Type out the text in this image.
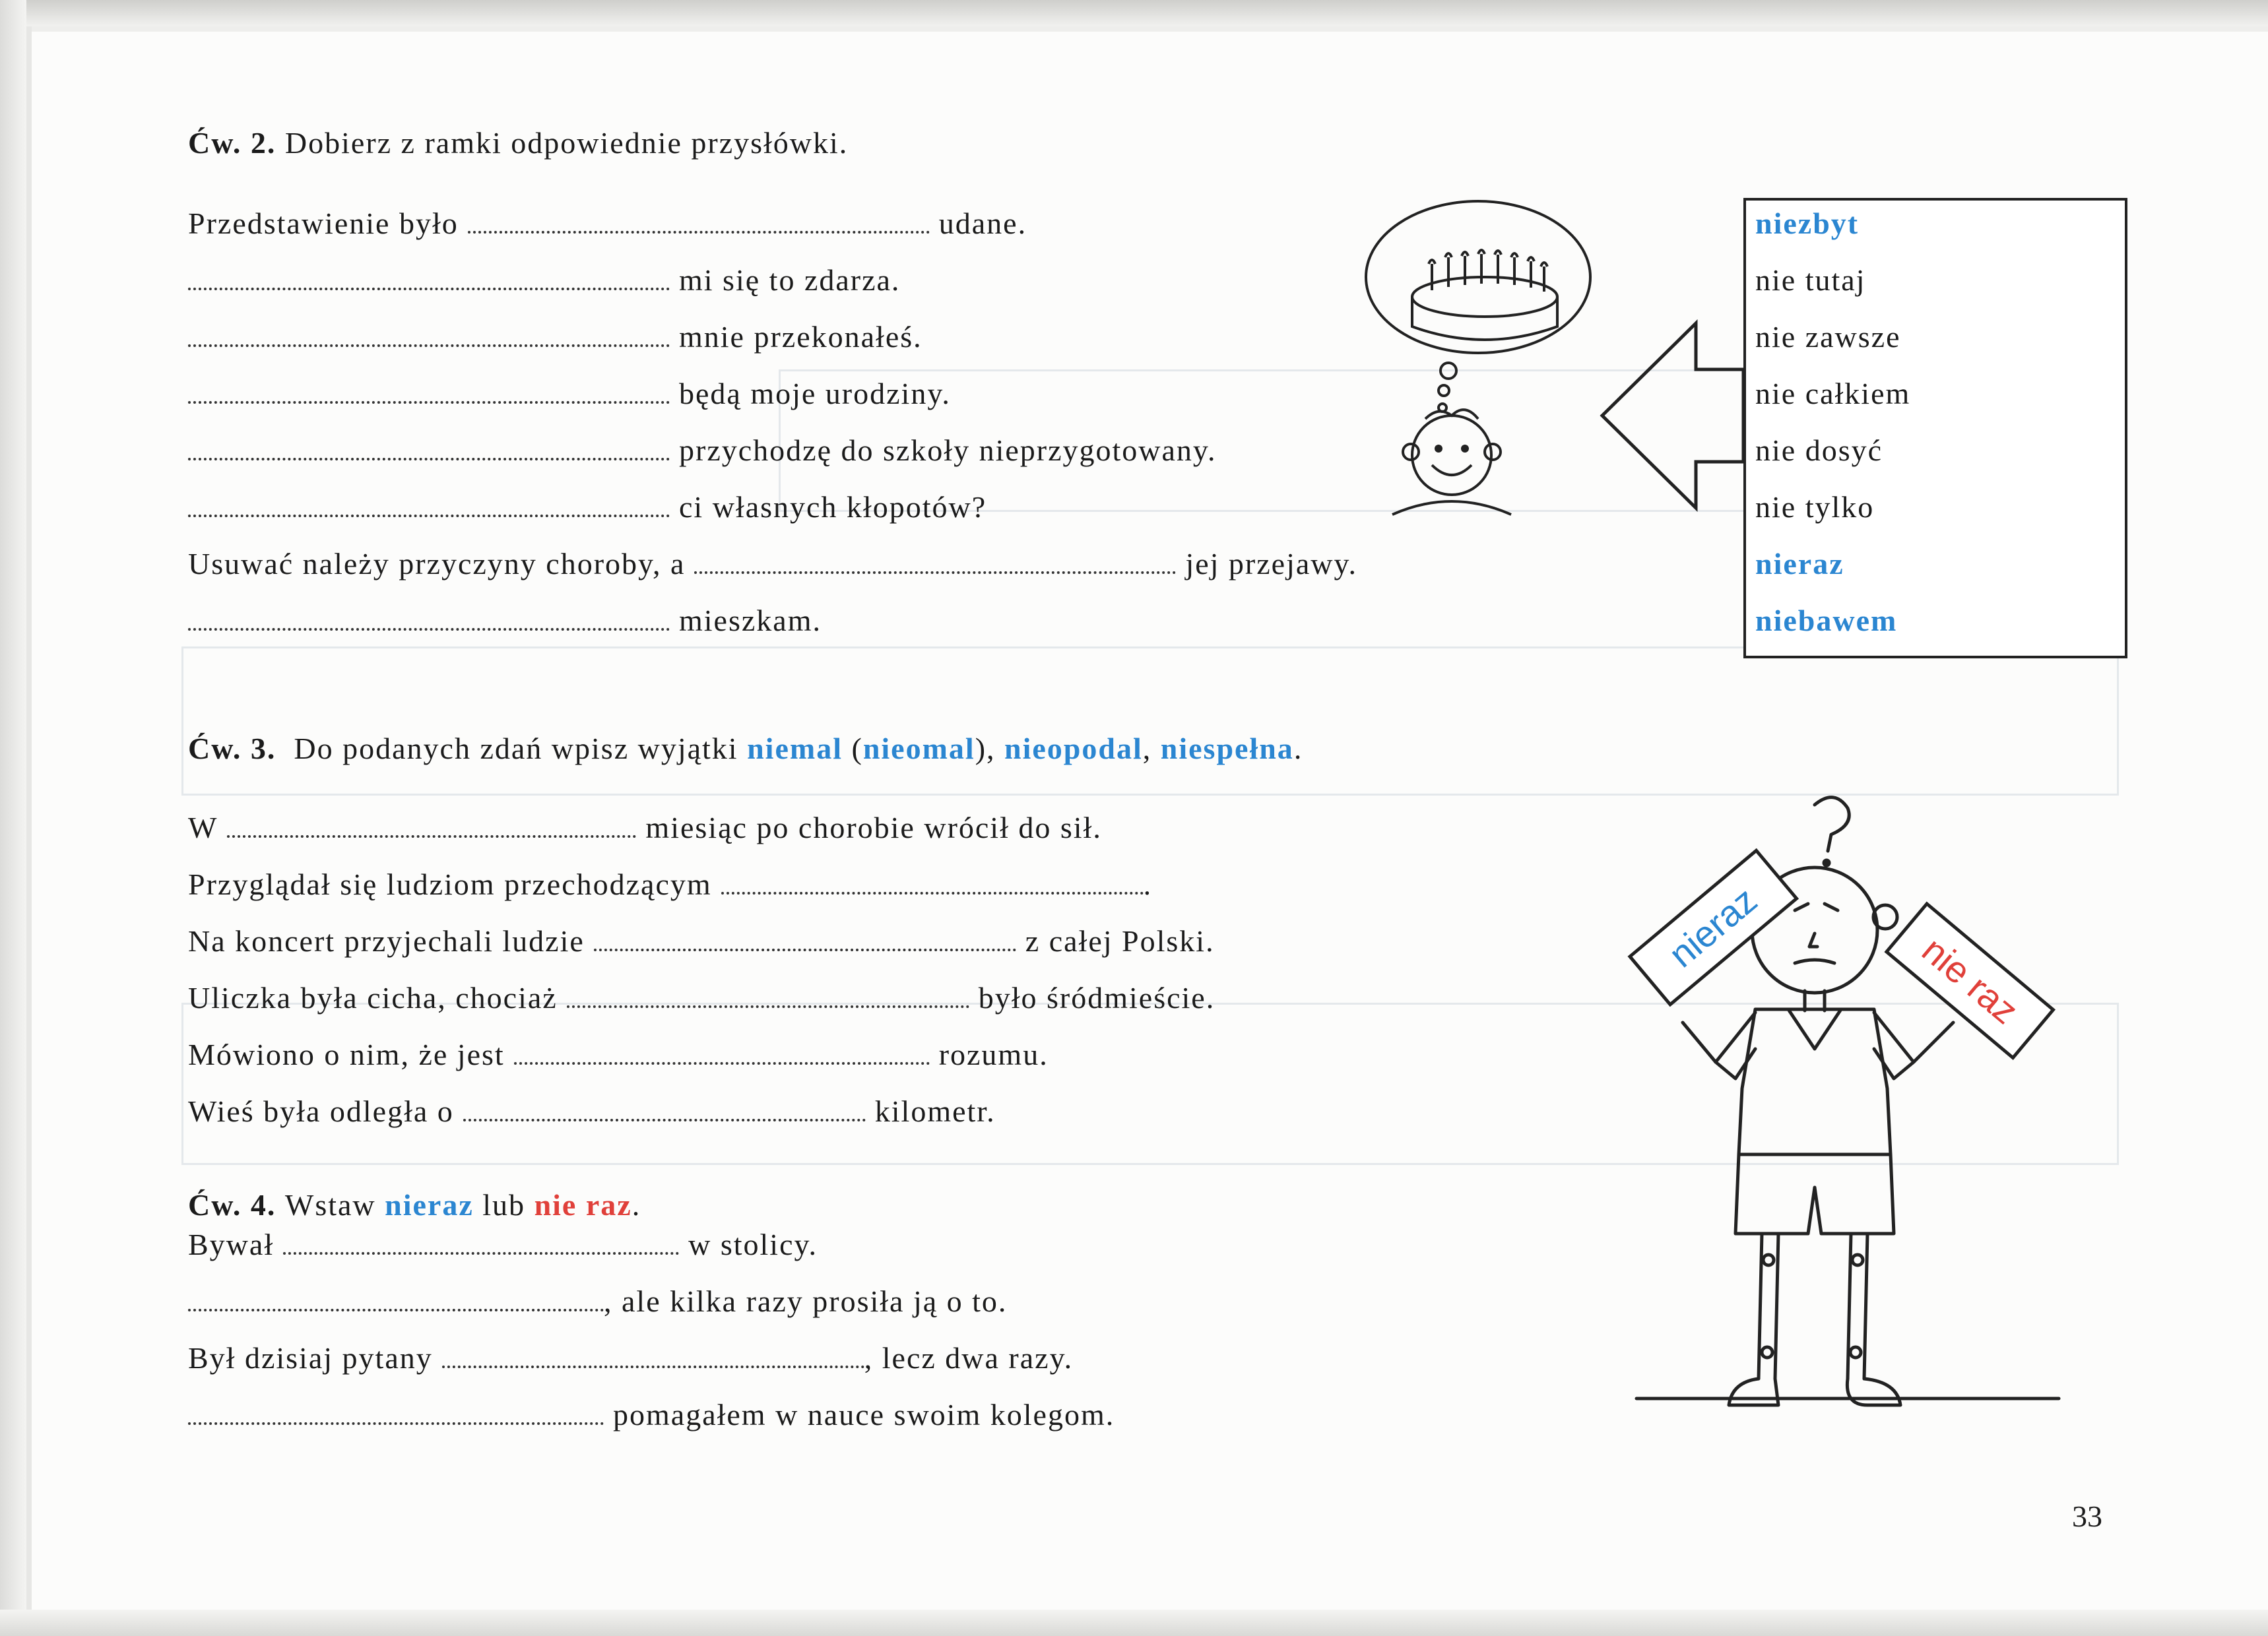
Ćw. 2.
Dobierz z ramki odpowiednie przysłówki.
Przedstawienie było	udane.
mi się to zdarza.
mnie przekonałeś.
będą moje urodziny.
przychodzę do szkoły nieprzygotowany.
ci własnych kłopotów?
Usuwać należy przyczyny choroby, a	jej przejawy.
mieszkam.
niezbyt
nie tutaj
nie zawsze
nie całkiem
nie dosyć
nie tylko
nieraz
niebawem
Ćw. 3.
Do podanych zdań wpisz wyjątki
niemal ( nieomal ), nieopodal , niespełna .
W	miesiąc po chorobie wrócił do sił.
Przyglądał się ludziom przechodzącym	.
Na koncert przyjechali ludzie	z całej Polski.
Uliczka była cicha, chociaż	było śródmieście.
Mówiono o nim, że jest	rozumu.
Wieś była odległa o	kilometr.
Ćw. 4.
Wstaw
nieraz
lub
nie raz .
Bywał	w stolicy.
, ale kilka razy prosiła ją o to.
Był dzisiaj pytany	, lecz dwa razy.
pomagałem w nauce swoim kolegom.
nieraz
nie raz
33
